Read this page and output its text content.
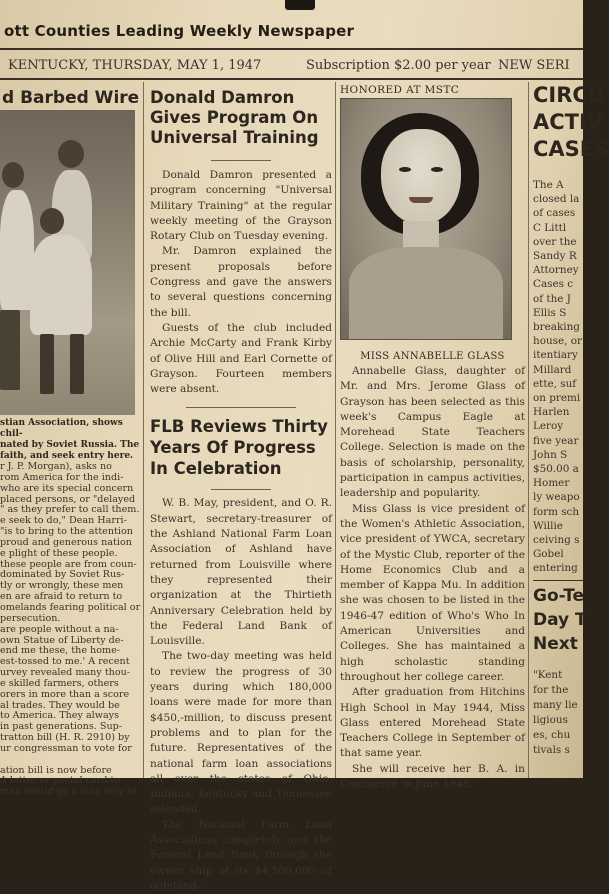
ott Counties Leading Weekly Newspaper
KENTUCKY, THURSDAY, MAY 1, 1947	Subscription $2.00 per year NEW SERI
d Barbed Wire
stian Association, shows chil-
nated by Soviet Russia. The
faith, and seek entry here.
r J. P. Morgan), asks no
rom America for the indi-
who are its special concern
placed persons, or "delayed
" as they prefer to call them.
e seek to do," Dean Harri-
"is to bring to the attention
proud and generous nation
e plight of these people.
these people are from coun-
dominated by Soviet Rus-
tly or wrongly, these men
en are afraid to return to
omelands fearing political or
persecution.
are people without a na-
own Statue of Liberty de-
end me these, the home-
est-tossed to me.' A recent
urvey revealed many thou-
e skilled farmers, others
orers in more than a score
al trades. They would be
to America. They always
in past generations. Sup-
tratton bill (H. R. 2910) by
ur congressman to vote for
ation bill is now before
A letter or postal card to
man would go a long way to
Donald Damron Gives Program On Universal Training

Donald Damron presented a program concerning "Universal Military Training" at the regular weekly meeting of the Grayson Rotary Club on Tuesday evening.

Mr. Damron explained the present proposals before Congress and gave the answers to several questions concerning the bill.

Guests of the club included Archie McCarty and Frank Kirby of Olive Hill and Earl Cornette of Grayson. Fourteen members were absent.

FLB Reviews Thirty Years Of Progress In Celebration

W. B. May, president, and O. R. Stewart, secretary-treasurer of the Ashland National Farm Loan Association of Ashland have returned from Louisville where they represented their organization at the Thirtieth Anniversary Celebration held by the Federal Land Bank of Louisville.

The two-day meeting was held to review the progress of 30 years during which 180,000 loans were made for more than $450,-million, to discuss present problems and to plan for the future. Representatives of the national farm loan associations all over the states of Ohio, Indiana, Kentucky and Tennessee attended.

The National Farm Loan Associations completely own the Federal Land Bank through the owner ship of its $4,500,000 of outstand-

HONORED AT MSTC
MISS ANNABELLE GLASS

Annabelle Glass, daughter of Mr. and Mrs. Jerome Glass of Grayson has been selected as this week's Campus Eagle at Morehead State Teachers College. Selection is made on the basis of scholarship, personality, participation in campus activities, leadership and popularity.

Miss Glass is vice president of the Women's Athletic Association, vice president of YWCA, secretary of the Mystic Club, reporter of the Home Economics Club and a member of Kappa Mu. In addition she was chosen to be listed in the 1946-47 edition of Who's Who In American Universities and Colleges. She has maintained a high scholastic standing throughout her college career.

After graduation from Hitchins High School in May 1944, Miss Glass entered Morehead State Teachers College in September of that same year.

She will receive her B. A. in Commerce in June 1948.

CIRCU
ACTIV
CASES
The A
closed la
of cases
C Littl
over the
Sandy R
Attorney
Cases c
of the J
Ellis S
breaking
house, or
itentiary
Millard
ette, suf
on premi
Harlen
Leroy
five year
John S
$50.00 a
Homer
ly weapo
form sch
Willie
ceiving s
Gobel
entering
Go-Te
Day T
Next
"Kent
for the
many lie
ligious
es, chu
tivals s
